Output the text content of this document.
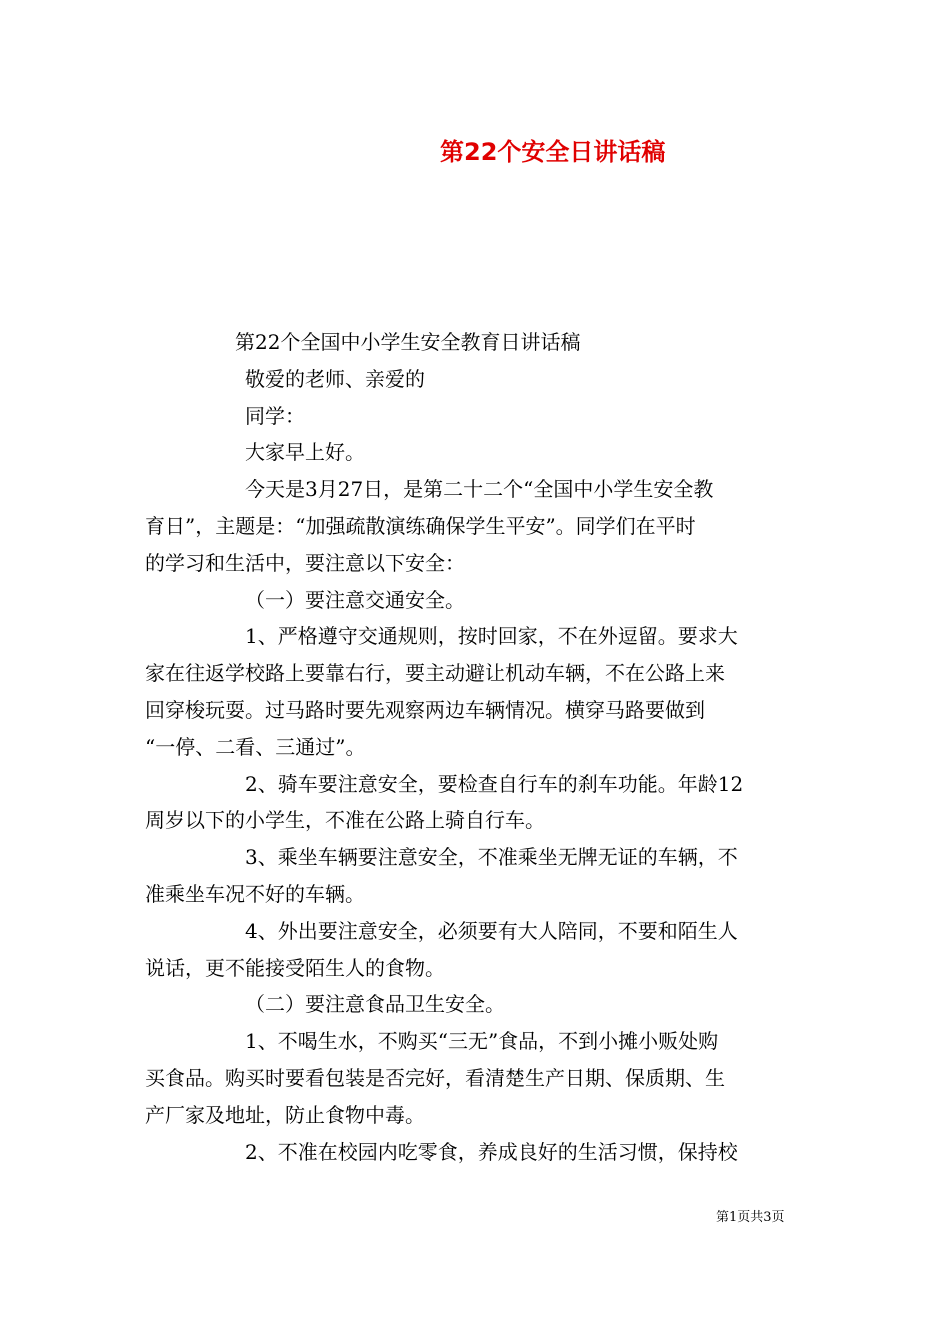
第22个安全日讲话稿
第22个全国中小学生安全教育日讲话稿
敬爱的老师、亲爱的
同学：
大家早上好。
今天是3月27日，是第二十二个“全国中小学生安全教
育日”，主题是：“加强疏散演练确保学生平安”。同学们在平时
的学习和生活中，要注意以下安全：
（一）要注意交通安全。
1、严格遵守交通规则，按时回家，不在外逗留。要求大
家在往返学校路上要靠右行，要主动避让机动车辆，不在公路上来
回穿梭玩耍。过马路时要先观察两边车辆情况。横穿马路要做到
“一停、二看、三通过”。
2、骑车要注意安全，要检查自行车的刹车功能。年龄12
周岁以下的小学生，不准在公路上骑自行车。
3、乘坐车辆要注意安全，不准乘坐无牌无证的车辆，不
准乘坐车况不好的车辆。
4、外出要注意安全，必须要有大人陪同，不要和陌生人
说话，更不能接受陌生人的食物。
（二）要注意食品卫生安全。
1、不喝生水，不购买“三无”食品，不到小摊小贩处购
买食品。购买时要看包装是否完好，看清楚生产日期、保质期、生
产厂家及地址，防止食物中毒。
2、不准在校园内吃零食，养成良好的生活习惯，保持校
第1页共3页
